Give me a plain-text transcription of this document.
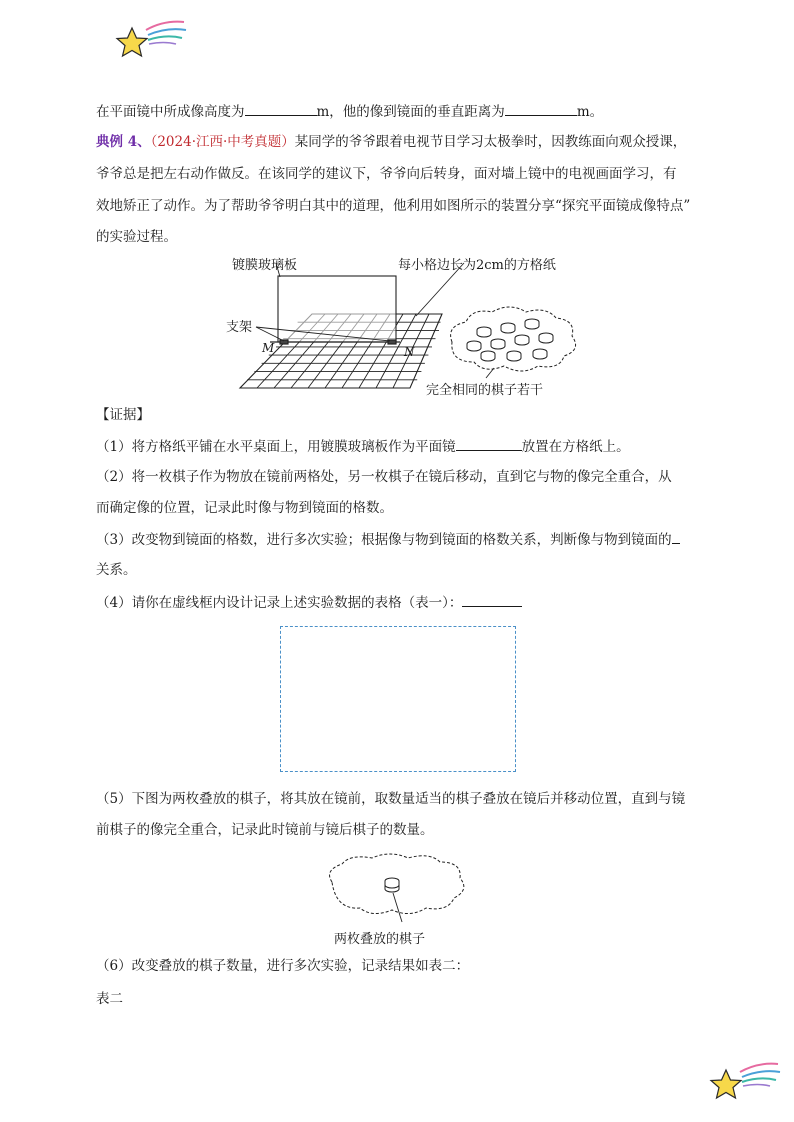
在平面镜中所成像高度为	m，他的像到镜面的垂直距离为	m。
典例 4、（2024·江西·中考真题）某同学的爷爷跟着电视节目学习太极拳时，因教练面向观众授课，
爷爷总是把左右动作做反。在该同学的建议下，爷爷向后转身，面对墙上镜中的电视画面学习，有
效地矫正了动作。为了帮助爷爷明白其中的道理，他利用如图所示的装置分享“探究平面镜成像特点”
的实验过程。
镀膜玻璃板	每小格边长为2cm的方格纸
支架
M	N
完全相同的棋子若干
【证据】
（1）将方格纸平铺在水平桌面上，用镀膜玻璃板作为平面镜	放置在方格纸上。
（2）将一枚棋子作为物放在镜前两格处，另一枚棋子在镜后移动，直到它与物的像完全重合，从
而确定像的位置，记录此时像与物到镜面的格数。
（3）改变物到镜面的格数，进行多次实验；根据像与物到镜面的格数关系，判断像与物到镜面的
关系。
（4）请你在虚线框内设计记录上述实验数据的表格（表一）：
（5）下图为两枚叠放的棋子，将其放在镜前，取数量适当的棋子叠放在镜后并移动位置，直到与镜
前棋子的像完全重合，记录此时镜前与镜后棋子的数量。
两枚叠放的棋子
（6）改变叠放的棋子数量，进行多次实验，记录结果如表二：
表二
